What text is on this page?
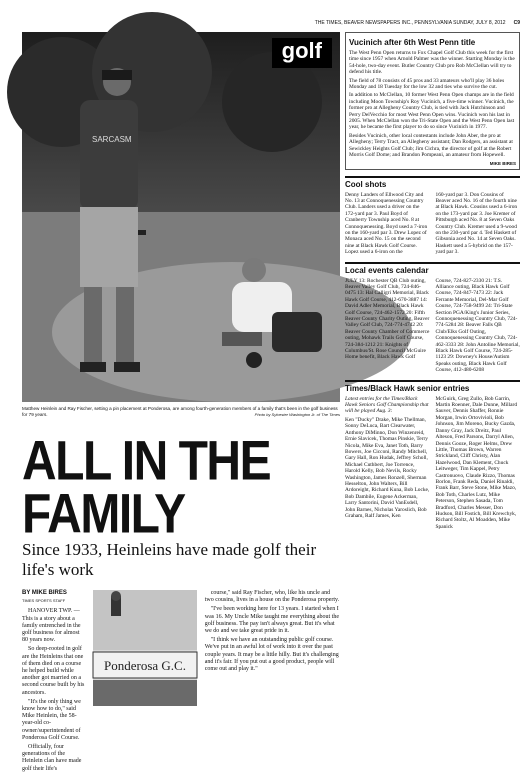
THE TIMES, BEAVER NEWSPAPERS INC., PENNSYLVANIA SUNDAY, JULY 8, 2012 C9
SARCASM
golf
Matthew Heinlein and Ray Fischer, setting a pin placement at Ponderosa, are among fourth-generation members of a family that's been in the golf business for 79 years.	Photo by Sylvester Washington Jr. of The Times
ALL IN THE FAMILY
Since 1933, Heinleins have made golf their life's work
BY MIKE BIRES
TIMES SPORTS STAFF

HANOVER TWP. — This is a story about a family entrenched in the golf business for almost 80 years now.

So deep-rooted in golf are the Heinleins that one of them died on a course he helped build while another got married on a second course built by his ancestors.

"It's the only thing we know how to do," said Mike Heinlein, the 58-year-old co-owner/superintendent of Ponderosa Golf Course.

Officially, four generations of the Heinlein clan have made golf their life's

Ponderosa G.C.

course," said Ray Fischer, who, like his uncle and two cousins, lives in a house on the Ponderosa property.

"I've been working here for 13 years. I started when I was 16. My Uncle Mike taught me everything about the golf business. The pay isn't always great. But it's what we do and we take great pride in it.

"I think we have an outstanding public golf course. We've put in an awful lot of work into it over the past couple years. It may be a little hilly. But it's challenging and it's fair. If you put out a good product, people will come out and play it."

Vucinich after 6th West Penn title

The West Penn Open returns to Fox Chapel Golf Club this week for the first time since 1957 when Arnold Palmer was the winner. Starting Monday is the 54-hole, two-day event. Butler Country Club pro Rob McClellan will try to defend his title.

The field of 78 consists of 45 pros and 33 amateurs who'll play 36 holes Monday and 18 Tuesday for the low 32 and ties who survive the cut.

In addition to McClellan, 10 former West Penn Open champs are in the field including Moon Township's Roy Vucinich, a five-time winner. Vucinich, the former pro at Allegheny Country Club, is tied with Jack Hutchinson and Perry DelVecchio for most West Penn Open wins. Vucinich won his last in 2005. When McClellan won the Tri-State Open and the West Penn Open last year, he became the first player to do so since Vucinich in 1977.

Besides Vucinich, other local contestants include John Aber, the pro at Allegheny; Terry Tract, an Allegheny assistant; Dan Rodgers, an assistant at Sewickley Heights Golf Club; Jim Cichra, the director of golf at the Robert Morris Golf Dome; and Brandon Pompeani, an amateur from Hopewell.

MIKE BIRES
Cool shots
Denny Landers of Ellwood City and No. 13 at Connoquenessing Country Club. Landers used a driver on the 172-yard par 3. Paul Boyd of Cranberry Township aced No. 8 at Connoquenessing. Boyd used a 7-iron on the 160-yard par 3. Drew Lopez of Monaca aced No. 15 on the second nine at Black Hawk Golf Course. Lopez used a 6-iron on the
160-yard par 3. Don Cousins of Beaver aced No. 16 of the fourth nine at Black Hawk. Cousins used a 6-iron on the 173-yard par 3. Joe Kremer of Pittsburgh aced No. 8 at Seven Oaks Country Club. Kremer used a 9-wood on the 230-yard par 4. Ted Haskett of Gibsonia aced No. 14 at Seven Oaks. Haskett used a 5-hybrid on the 157-yard par 3.
Local events calendar
JULY 13: Rochester QB Club outing, Beaver Valley Golf Club, 724-846-0475 13: Hal Calligri Memorial, Black Hawk Golf Course, 412-670-3887 14: David Adler Memorial, Black Hawk Golf Course, 724-462-1572 20: Fifth Beaver County Charity Outing, Beaver Valley Golf Club, 724-774-4742 20: Beaver County Chamber of Commerce outing, Mohawk Trails Golf Course, 724-384-1212 21: Knights of Columbus/St. Rose Council McGuire Home benefit, Black Hawk Golf
Course, 724-827-2330 21: T.S. Alliance outing, Black Hawk Golf Course, 724-847-7473 22: Jack Ferrante Memorial, Del-Mar Golf Course, 724-758-9499 24: Tri-State Section PGA/King's Junior Series, Connoquenessing Country Club, 724-774-5284 28: Beaver Falls QB Club/Elks Golf Outing, Connoquenessing Country Club, 724-462-3333 28: John Antoline Memorial, Black Hawk Golf Course, 724-285-1123 29: Downey's House/Autism Speaks outing, Black Hawk Golf Course, 412-480-6208
Times/Black Hawk senior entries
Latest entries for the Times/Black Hawk Seniors Golf Championship that will be played Aug. 3:
Ken "Ducky" Drake, Mike Thellman, Sonny DeLuca, Bart Clearwater, Anthony DiMinno, Don Winzenreid, Ernie Slavicek, Thomas Pinskie, Terry Nicola, Mike Eva, Janet Toth, Barry Bowers, Joe Cicconi, Randy Mitchell, Gary Hall, Ron Hudak, Jeffrey Scholl, Michael Cuthbert, Joe Torrence, Harold Kelly, Bob Nevils, Rocky Washington, James Ronzell, Sherman Hesselton, John Walters, Bill Ardoreight, Richard Kuna, Bob Locke, Bob Dambile, Eugene Ackerman, Larry Santorini, David VanEsdell, John Barnes, Nicholas Yaroslich, Bob Graham, Ralf James, Ken
McGuirk, Greg Zullo, Bob Garrin, Martin Roenner, Dale Dunne, Millard Sauver, Dennis Shaffer, Ronnie Morgan, Irwin Ortovivioli, Bob Johnson, Jim Moreno, Bucky Gazda, Danny Gray, Jack Dreitz, Paul Alteson, Fred Parsons, Darryl Allen, Dennis Gooze, Roger Helms, Drew Little, Thomas Brown, Warren Strickland, Cliff Christy, Alan Hazelwood, Dan Klement, Chuck Leitweger, Tim Kappel, Petry Castronuovo, Claude Rizzo, Thomas Borlon, Frank Reda, Daniel Rinaldi, Frank Barr, Steve Stone, Mike Mazo, Bob Toth, Charles Lutz, Mike Peterson, Stephen Sasada, Tom Bradford, Charles Messer, Don Hudson, Bill Fostich, Bill Krewchyk, Richard Stoltz, Al Moadden, Mike Spanick
